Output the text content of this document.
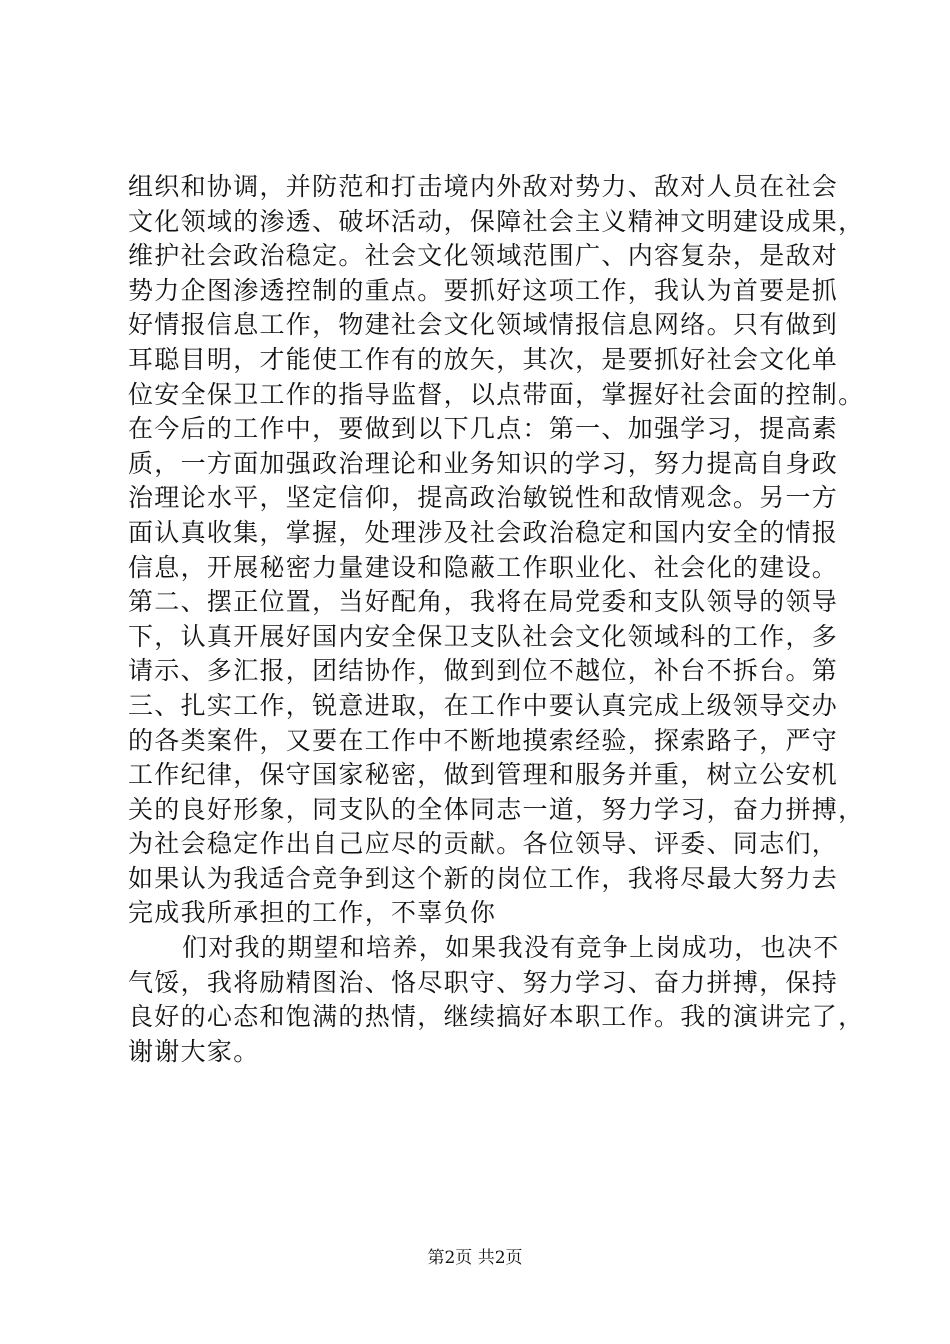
组织和协调，并防范和打击境内外敌对势力、敌对人员在社会
文化领域的渗透、破坏活动，保障社会主义精神文明建设成果，
维护社会政治稳定。社会文化领域范围广、内容复杂，是敌对
势力企图渗透控制的重点。要抓好这项工作，我认为首要是抓
好情报信息工作，物建社会文化领域情报信息网络。只有做到
耳聪目明，才能使工作有的放矢，其次，是要抓好社会文化单
位安全保卫工作的指导监督，以点带面，掌握好社会面的控制。
在今后的工作中，要做到以下几点：第一、加强学习，提高素
质，一方面加强政治理论和业务知识的学习，努力提高自身政
治理论水平，坚定信仰，提高政治敏锐性和敌情观念。另一方
面认真收集，掌握，处理涉及社会政治稳定和国内安全的情报
信息，开展秘密力量建设和隐蔽工作职业化、社会化的建设。
第二、摆正位置，当好配角，我将在局党委和支队领导的领导
下，认真开展好国内安全保卫支队社会文化领域科的工作，多
请示、多汇报，团结协作，做到到位不越位，补台不拆台。第
三、扎实工作，锐意进取，在工作中要认真完成上级领导交办
的各类案件，又要在工作中不断地摸索经验，探索路子，严守
工作纪律，保守国家秘密，做到管理和服务并重，树立公安机
关的良好形象，同支队的全体同志一道，努力学习，奋力拼搏，
为社会稳定作出自己应尽的贡献。各位领导、评委、同志们，
如果认为我适合竞争到这个新的岗位工作，我将尽最大努力去
完成我所承担的工作，不辜负你
们对我的期望和培养，如果我没有竞争上岗成功，也决不
气馁，我将励精图治、恪尽职守、努力学习、奋力拼搏，保持
良好的心态和饱满的热情，继续搞好本职工作。我的演讲完了，
谢谢大家。
第2页 共2页
